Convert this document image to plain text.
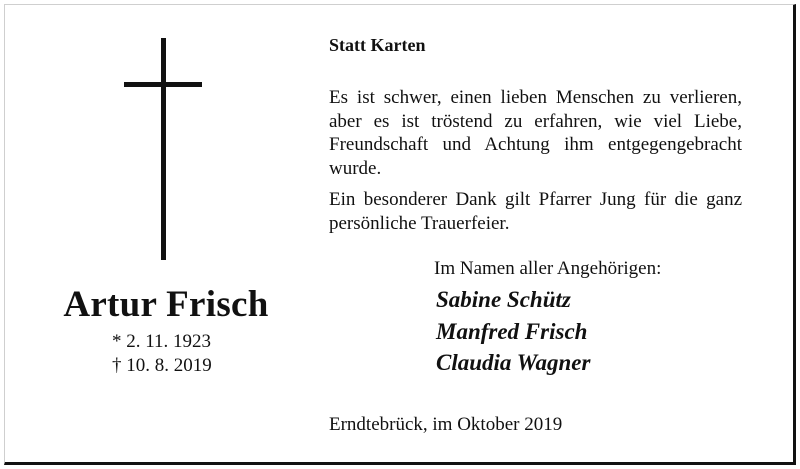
Artur Frisch
* 2. 11. 1923
† 10. 8. 2019
Statt Karten
Es ist schwer, einen lieben Menschen zu verlieren, aber es ist tröstend zu erfahren, wie viel Liebe, Freundschaft und Achtung ihm entgegengebracht wurde.
Ein besonderer Dank gilt Pfarrer Jung für die ganz persönliche Trauerfeier.
Im Namen aller Angehörigen:
Sabine Schütz
Manfred Frisch
Claudia Wagner
Erndtebrück, im Oktober 2019
